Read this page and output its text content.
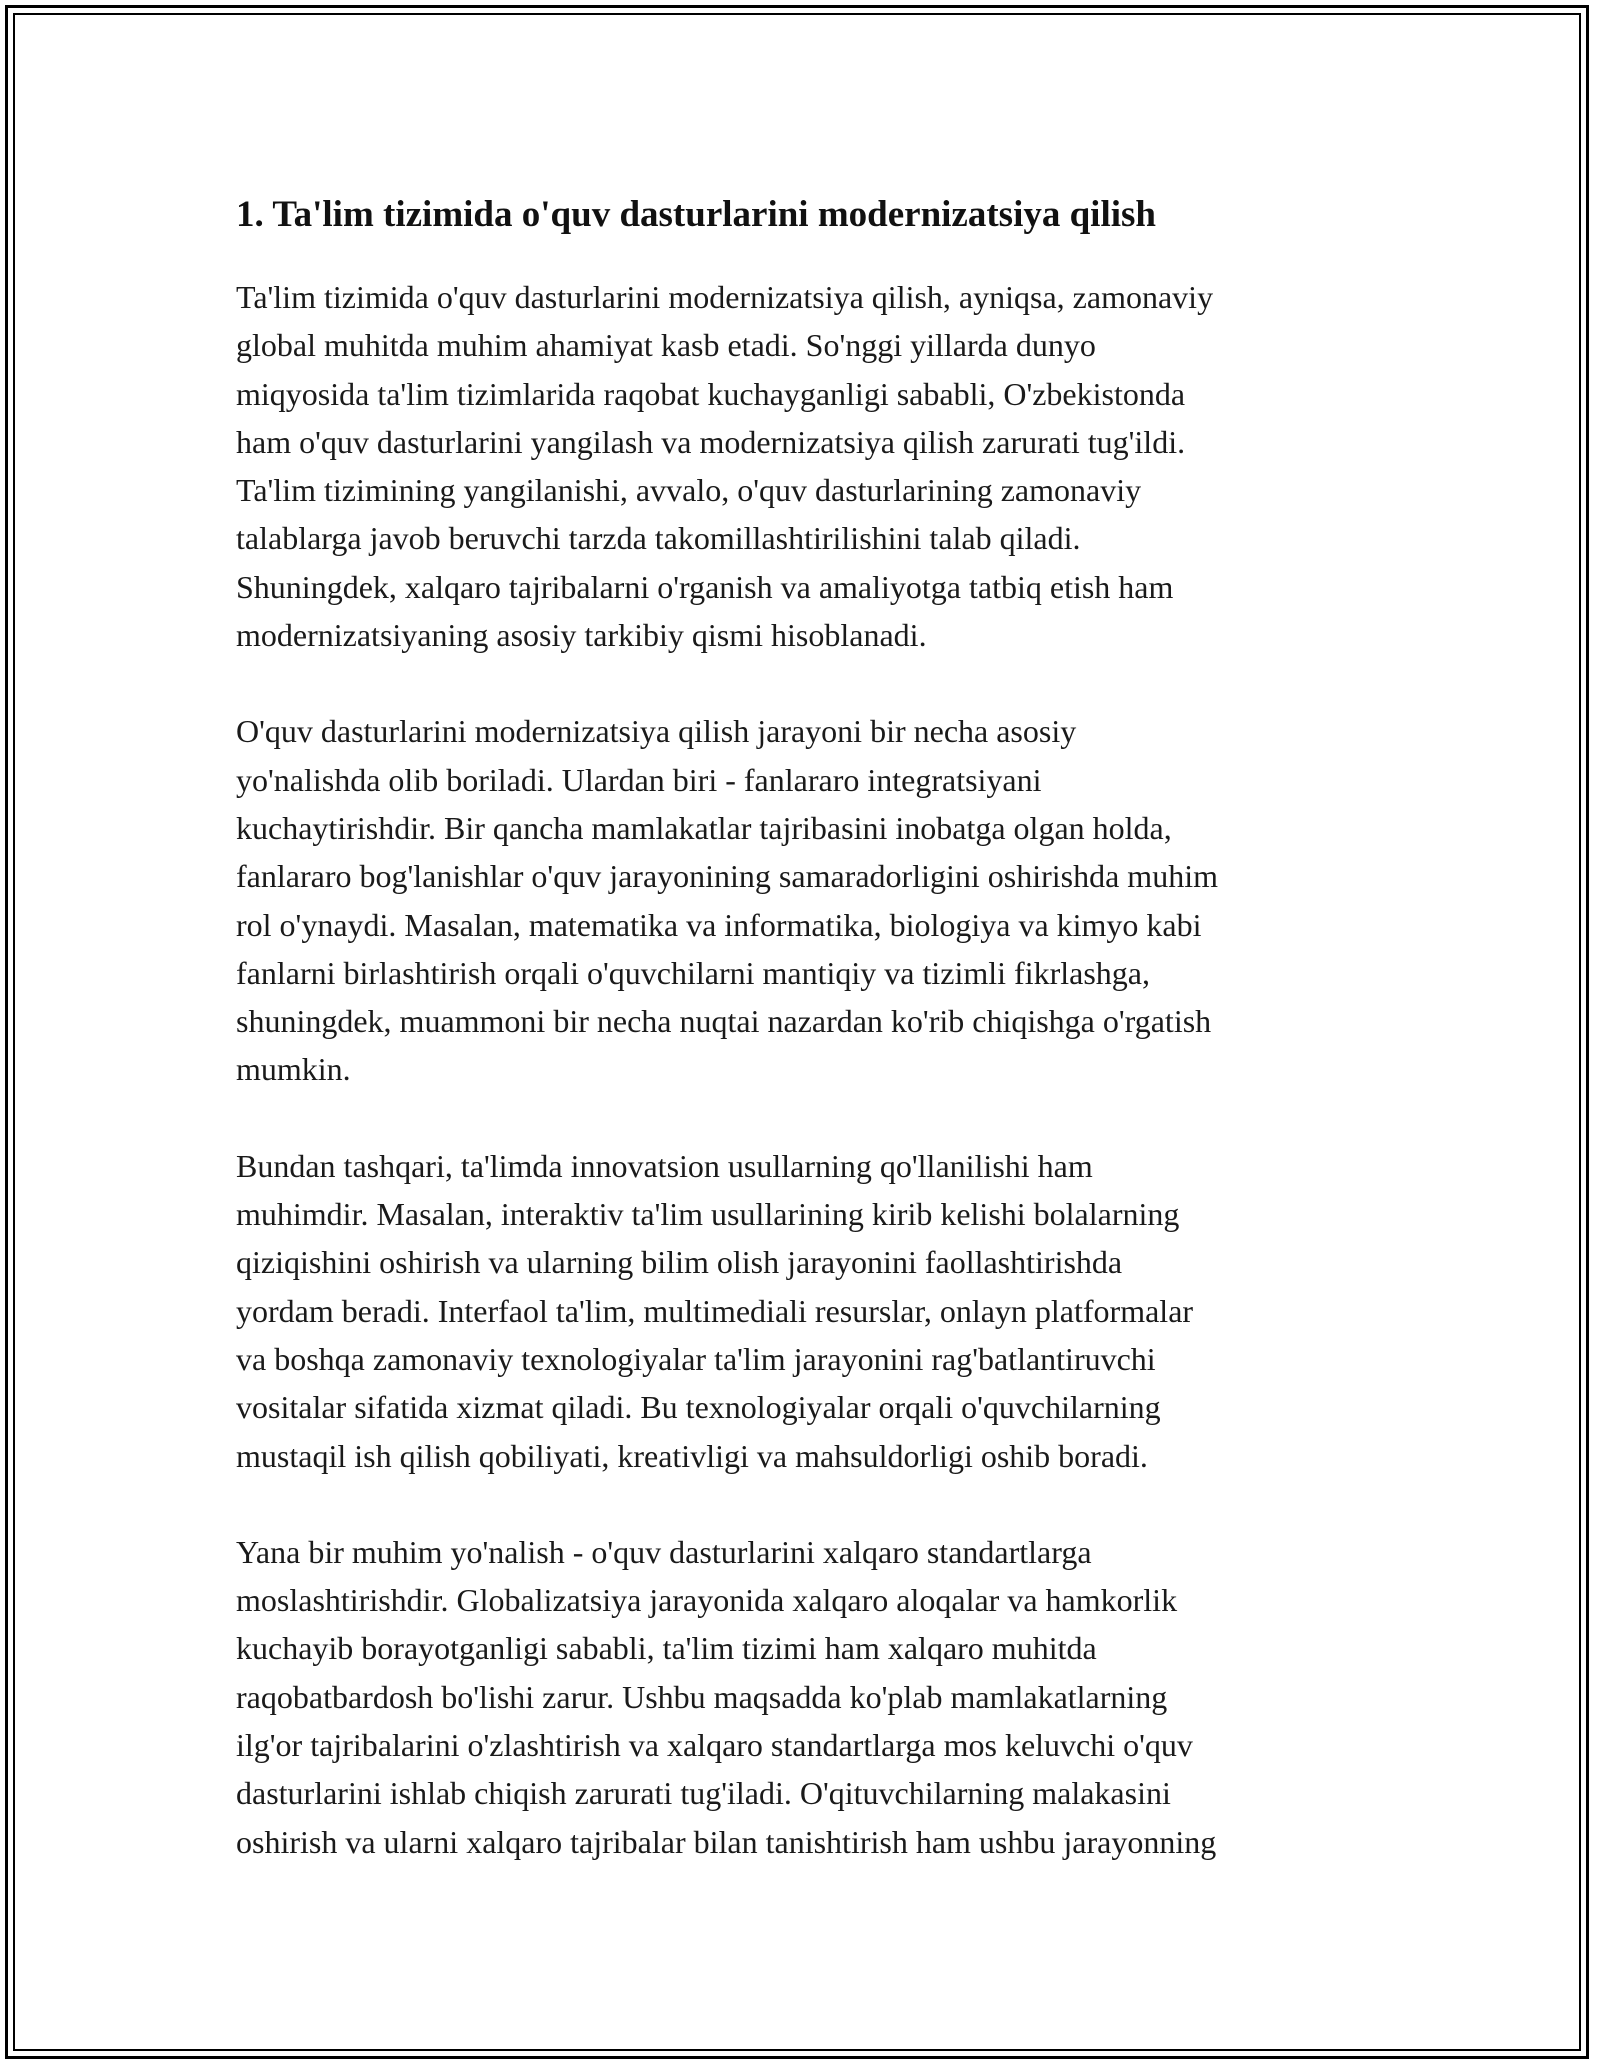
1. Ta'lim tizimida o'quv dasturlarini modernizatsiya qilish

Ta'lim tizimida o'quv dasturlarini modernizatsiya qilish, ayniqsa, zamonaviy
global muhitda muhim ahamiyat kasb etadi. So'nggi yillarda dunyo
miqyosida ta'lim tizimlarida raqobat kuchayganligi sababli, O'zbekistonda
ham o'quv dasturlarini yangilash va modernizatsiya qilish zarurati tug'ildi.
Ta'lim tizimining yangilanishi, avvalo, o'quv dasturlarining zamonaviy
talablarga javob beruvchi tarzda takomillashtirilishini talab qiladi.
Shuningdek, xalqaro tajribalarni o'rganish va amaliyotga tatbiq etish ham
modernizatsiyaning asosiy tarkibiy qismi hisoblanadi.

O'quv dasturlarini modernizatsiya qilish jarayoni bir necha asosiy
yo'nalishda olib boriladi. Ulardan biri - fanlararo integratsiyani
kuchaytirishdir. Bir qancha mamlakatlar tajribasini inobatga olgan holda,
fanlararo bog'lanishlar o'quv jarayonining samaradorligini oshirishda muhim
rol o'ynaydi. Masalan, matematika va informatika, biologiya va kimyo kabi
fanlarni birlashtirish orqali o'quvchilarni mantiqiy va tizimli fikrlashga,
shuningdek, muammoni bir necha nuqtai nazardan ko'rib chiqishga o'rgatish
mumkin.

Bundan tashqari, ta'limda innovatsion usullarning qo'llanilishi ham
muhimdir. Masalan, interaktiv ta'lim usullarining kirib kelishi bolalarning
qiziqishini oshirish va ularning bilim olish jarayonini faollashtirishda
yordam beradi. Interfaol ta'lim, multimediali resurslar, onlayn platformalar
va boshqa zamonaviy texnologiyalar ta'lim jarayonini rag'batlantiruvchi
vositalar sifatida xizmat qiladi. Bu texnologiyalar orqali o'quvchilarning
mustaqil ish qilish qobiliyati, kreativligi va mahsuldorligi oshib boradi.

Yana bir muhim yo'nalish - o'quv dasturlarini xalqaro standartlarga
moslashtirishdir. Globalizatsiya jarayonida xalqaro aloqalar va hamkorlik
kuchayib borayotganligi sababli, ta'lim tizimi ham xalqaro muhitda
raqobatbardosh bo'lishi zarur. Ushbu maqsadda ko'plab mamlakatlarning
ilg'or tajribalarini o'zlashtirish va xalqaro standartlarga mos keluvchi o'quv
dasturlarini ishlab chiqish zarurati tug'iladi. O'qituvchilarning malakasini
oshirish va ularni xalqaro tajribalar bilan tanishtirish ham ushbu jarayonning
